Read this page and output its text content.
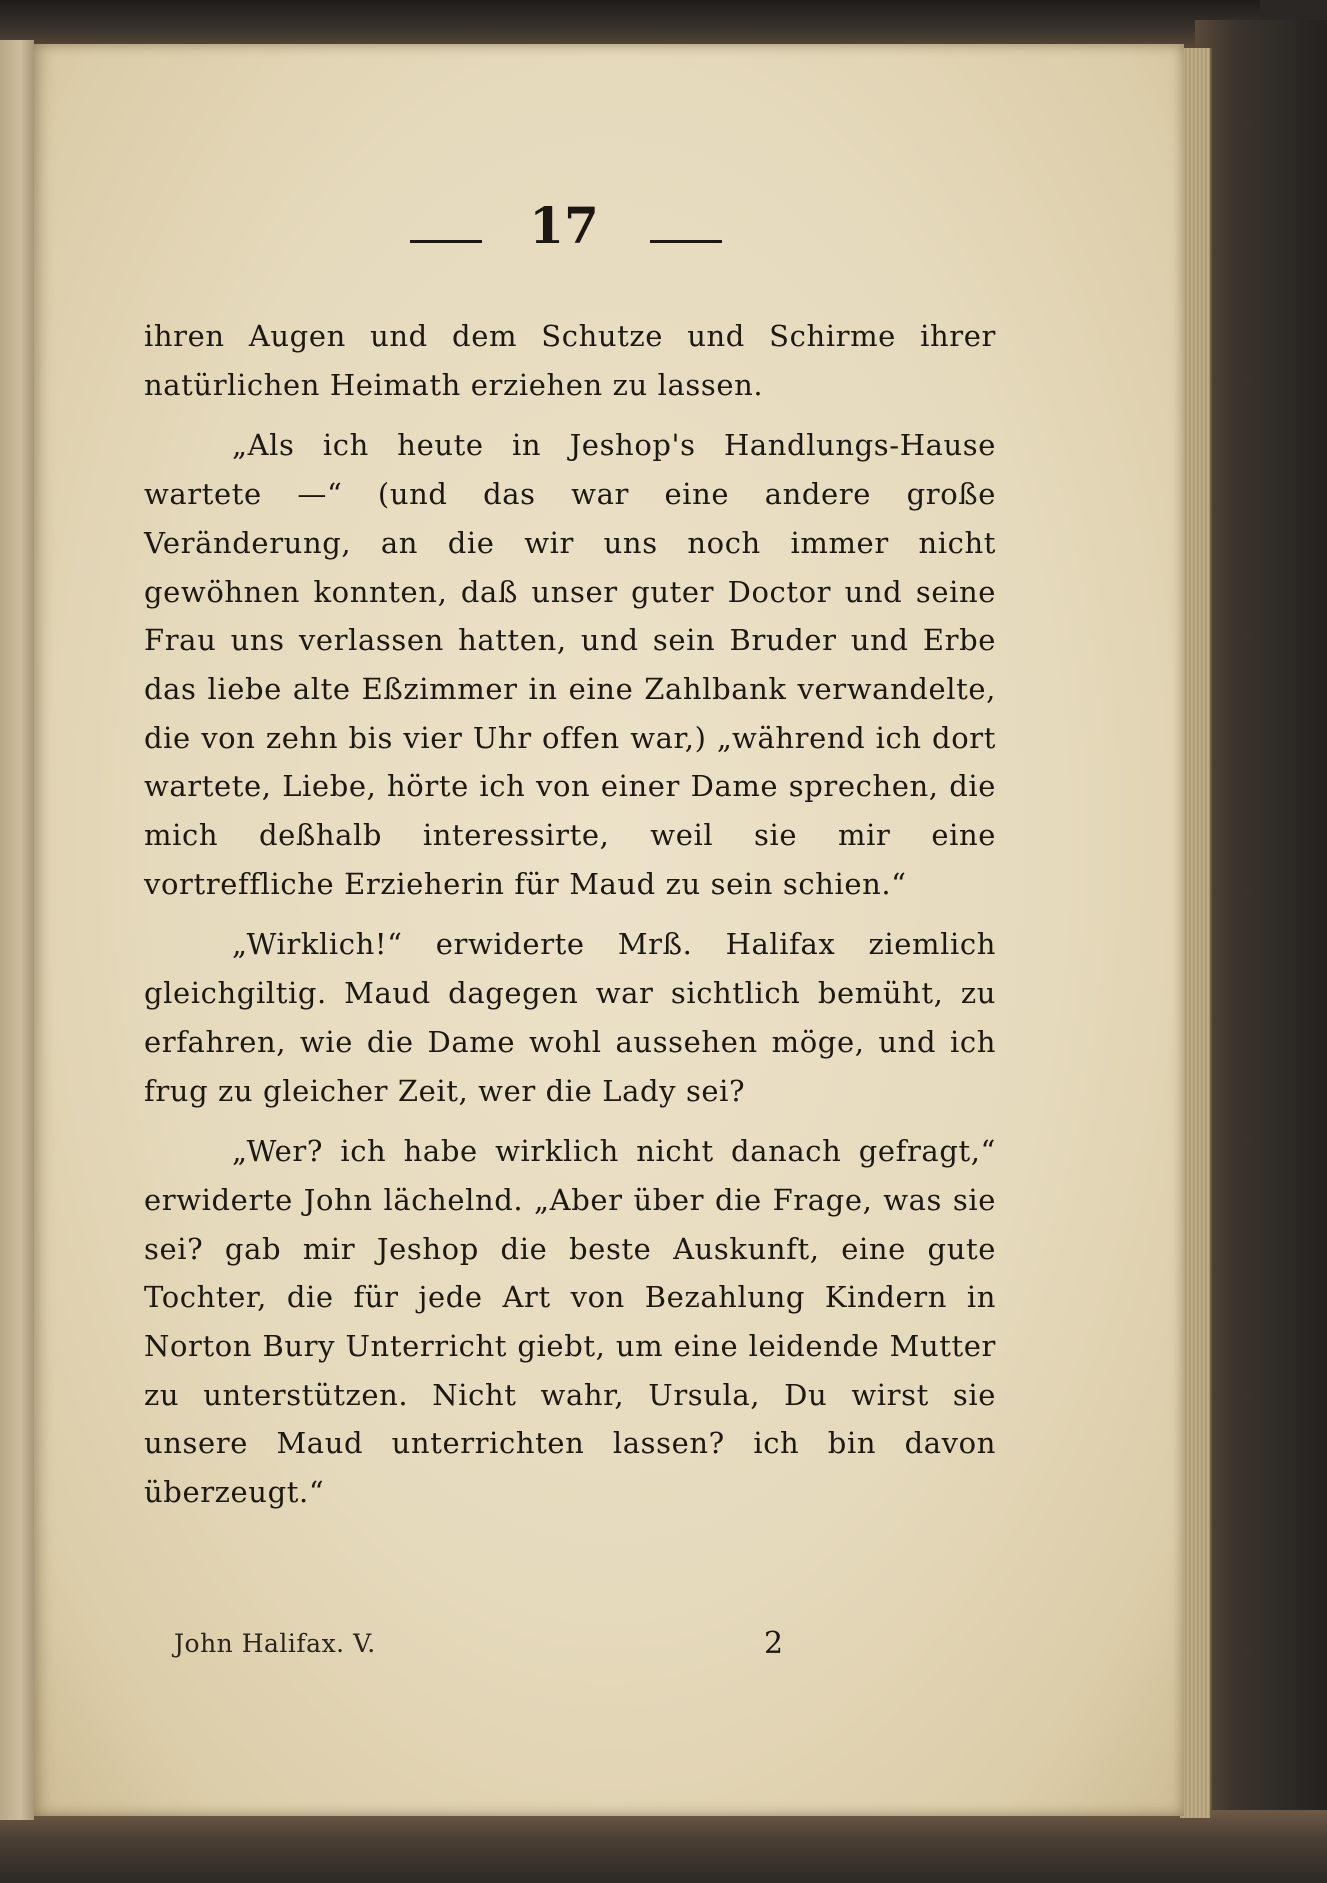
17

ihren Augen und dem Schutze und Schirme ihrer natürlichen Heimath erziehen zu lassen.

„Als ich heute in Jeshop's Handlungs-Hause wartete —“ (und das war eine andere große Veränderung, an die wir uns noch immer nicht gewöhnen konnten, daß unser guter Doctor und seine Frau uns verlassen hatten, und sein Bruder und Erbe das liebe alte Eßzimmer in eine Zahlbank verwandelte, die von zehn bis vier Uhr offen war,) „während ich dort wartete, Liebe, hörte ich von einer Dame sprechen, die mich deßhalb interessirte, weil sie mir eine vortreffliche Erzieherin für Maud zu sein schien.“

„Wirklich!“ erwiderte Mrß. Halifax ziemlich gleichgiltig. Maud dagegen war sichtlich bemüht, zu erfahren, wie die Dame wohl aussehen möge, und ich frug zu gleicher Zeit, wer die Lady sei?

„Wer? ich habe wirklich nicht danach gefragt,“ erwiderte John lächelnd. „Aber über die Frage, was sie sei? gab mir Jeshop die beste Auskunft, eine gute Tochter, die für jede Art von Bezahlung Kindern in Norton Bury Unterricht giebt, um eine leidende Mutter zu unterstützen. Nicht wahr, Ursula, Du wirst sie unsere Maud unterrichten lassen? ich bin davon überzeugt.“

John Halifax. V.	2
